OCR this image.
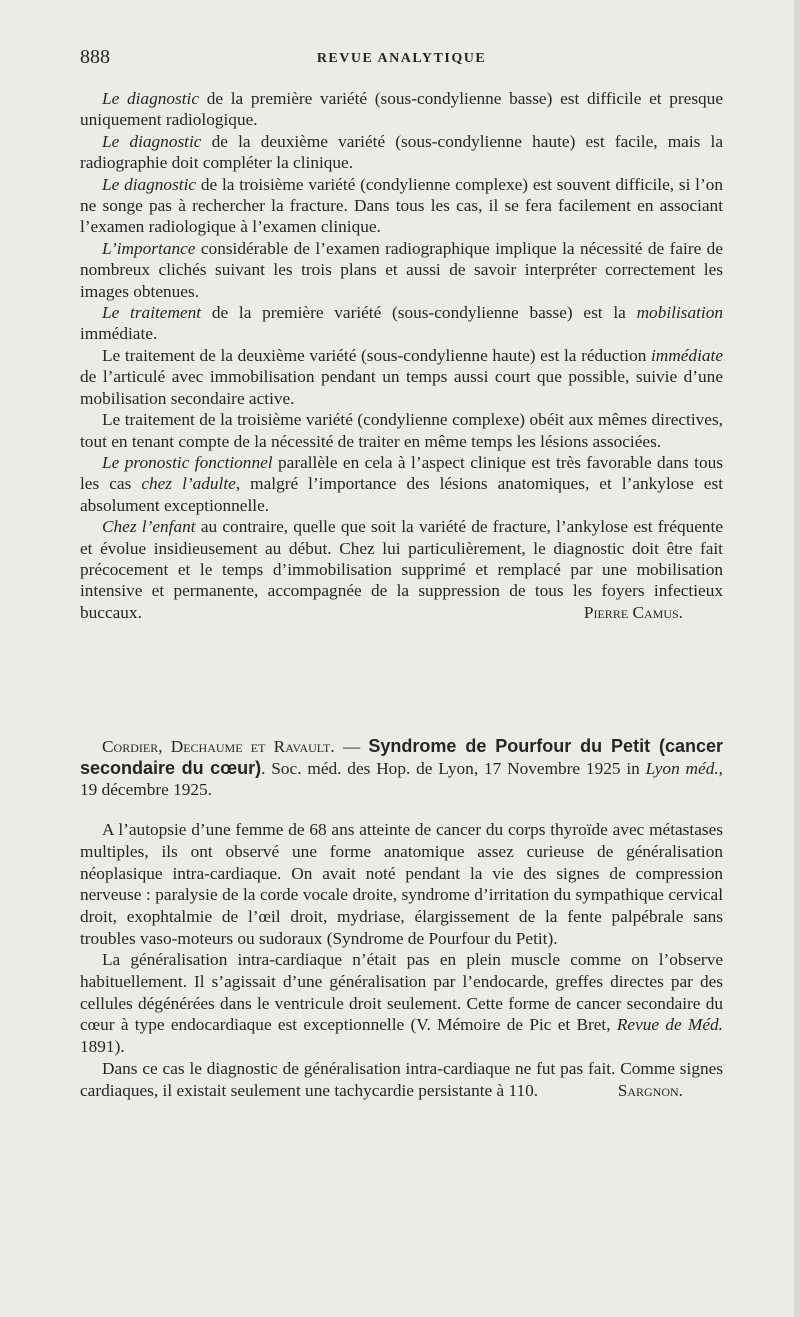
888	REVUE ANALYTIQUE

Le diagnostic de la première variété (sous-condylienne basse) est difficile et presque uniquement radiologique.

Le diagnostic de la deuxième variété (sous-condylienne haute) est facile, mais la radiographie doit compléter la clinique.

Le diagnostic de la troisième variété (condylienne complexe) est souvent difficile, si l’on ne songe pas à rechercher la fracture. Dans tous les cas, il se fera facilement en associant l’examen radiologique à l’examen clinique.

L’importance considérable de l’examen radiographique implique la nécessité de faire de nombreux clichés suivant les trois plans et aussi de savoir interpréter correctement les images obtenues.

Le traitement de la première variété (sous-condylienne basse) est la mobilisation immédiate.

Le traitement de la deuxième variété (sous-condylienne haute) est la réduction immédiate de l’articulé avec immobilisation pendant un temps aussi court que possible, suivie d’une mobilisation secondaire active.

Le traitement de la troisième variété (condylienne complexe) obéit aux mêmes directives, tout en tenant compte de la nécessité de traiter en même temps les lésions associées.

Le pronostic fonctionnel parallèle en cela à l’aspect clinique est très favorable dans tous les cas chez l’adulte, malgré l’importance des lésions anatomiques, et l’ankylose est absolument exceptionnelle.

Chez l’enfant au contraire, quelle que soit la variété de fracture, l’ankylose est fréquente et évolue insidieusement au début. Chez lui particulièrement, le diagnostic doit être fait précocement et le temps d’immobilisation supprimé et remplacé par une mobilisation intensive et permanente, accompagnée de la suppression de tous les foyers infectieux buccaux.	Pierre Camus.

Cordier, Dechaume et Ravault. — Syndrome de Pourfour du Petit (cancer secondaire du cœur). Soc. méd. des Hop. de Lyon, 17 Novembre 1925 in Lyon méd., 19 décembre 1925.

A l’autopsie d’une femme de 68 ans atteinte de cancer du corps thyroïde avec métastases multiples, ils ont observé une forme anatomique assez curieuse de généralisation néoplasique intra-cardiaque. On avait noté pendant la vie des signes de compression nerveuse : paralysie de la corde vocale droite, syndrome d’irritation du sympathique cervical droit, exophtalmie de l’œil droit, mydriase, élargissement de la fente palpébrale sans troubles vaso-moteurs ou sudoraux (Syndrome de Pourfour du Petit).

La généralisation intra-cardiaque n’était pas en plein muscle comme on l’observe habituellement. Il s’agissait d’une généralisation par l’endocarde, greffes directes par des cellules dégénérées dans le ventricule droit seulement. Cette forme de cancer secondaire du cœur à type endocardiaque est exceptionnelle (V. Mémoire de Pic et Bret, Revue de Méd. 1891).

Dans ce cas le diagnostic de généralisation intra-cardiaque ne fut pas fait. Comme signes cardiaques, il existait seulement une tachycardie persistante à 110.	Sargnon.
